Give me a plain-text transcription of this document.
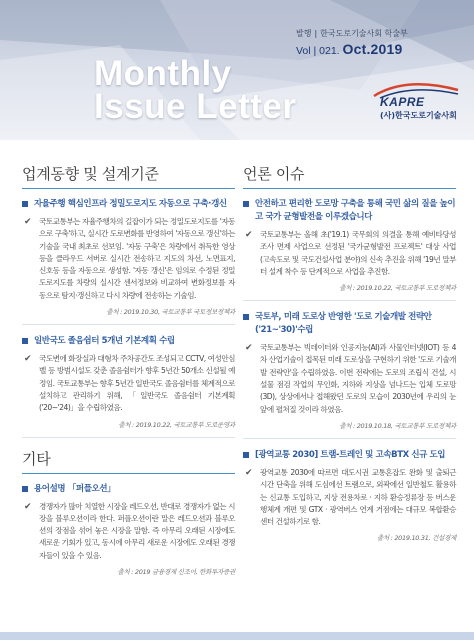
발행 | 한국도로기술사회 학술부
Vol | 021. Oct.2019
Monthly
Issue Letter	KAPRE
(사)한국도로기술사회
업계동향 및 설계기준
자율주행 핵심인프라 정밀도로지도 자동으로 구축·갱신
✔ 국토교통부는 자율주행차의 길잡이가 되는 정밀도로지도를 '자동으로 구축'하고, 실시간 도로변화를 반영하여 '자동으로 갱신'하는 기술을 국내 최초로 선보임. '자동 구축'은 차량에서 취득한 영상 등을 클라우드 서버로 실시간 전송하고 지도의 차선, 노면표지, 신호등 등을 자동으로 생성함. '자동 갱신'은 임의로 수정된 정밀도로지도를 차량의 실시간 센서정보와 비교하여 변화정보를 자동으로 탐지·갱신하고 다시 차량에 전송하는 기술임.
출처 : 2019.10.30, 국토교통부 국토정보정책과
일반국도 졸음쉼터 5개년 기본계획 수립
✔ 국도변에 화장실과 대형차 주차공간도 조성되고 CCTV, 여성안심벨 등 방범시설도 갖춘 졸음쉼터가 향후 5년간 50개소 신설될 예정임. 국토교통부는 향후 5년간 일반국도 졸음쉼터를 체계적으로 설치하고 관리하기 위해, 「일반국도 졸음쉼터 기본계획('20~'24)」을 수립하였음.
출처 : 2019.10.22, 국토교통부 도로운영과
기타
용어설명 「퍼플오션」
✔ 경쟁자가 많아 치열한 시장을 레드오션, 반대로 경쟁자가 없는 시장을 블루오션이라 한다. 퍼플오션이란 말은 레드오션과 블루오션의 장점을 섞어 놓은 시장을 말함. 즉 아무리 오래된 시장에도 새로운 기회가 있고, 동시에 아무리 새로운 시장에도 오래된 경쟁자들이 있을 수 있음.
출처 : 2019 금융경제 신조어, 한화투자증권
언론 이슈
안전하고 편리한 도로망 구축을 통해 국민 삶의 질을 높이고 국가 균형발전을 이루겠습니다
✔ 국토교통부는 올해 초('19.1) 국무회의 의결을 통해 예비타당성조사 면제 사업으로 선정된 '국가균형발전 프로젝트' 대상 사업(고속도로 및 국도건설사업 분야)의 신속 추진을 위해 '19년 말부터 설계 착수 등 단계적으로 사업을 추진함.
출처 : 2019.10.22, 국토교통부 도로정책과
국토부, 미래 도로상 반영한 '도로 기술개발 전략안('21~'30)'수립
✔ 국토교통부는 빅데이터와 인공지능(AI)과 사물인터넷(IOT) 등 4차 산업기술이 접목된 미래 도로상을 구현하기 위한 '도로 기술개발 전략안'을 수립하였음. 이번 전략에는 도로의 조립식 건설, 시설물 점검 작업의 무인화, 지하와 지상을 넘나드는 입체 도로망(3D), 상상에서나 접해왔던 도로의 모습이 2030년에 우리의 눈 앞에 펼쳐질 것이라 하였음.
출처 : 2019.10.18, 국토교통부 도로정책과
[광역교통 2030] 트램-트레인 및 고속BTX 신규 도입
✔ 광역교통 2030에 따르면 대도시권 교통혼잡도 완화 및 출퇴근 시간 단축을 위해 도심에선 트램으로, 외곽에선 일반철도 활용하는 신교통 도입하고, 지상 전용차로 · 지하 환승정류장 등 버스운행체계 개편 및 GTX · 광역버스 연계 거점에는 대규모 복합환승센터 건설하기로 함.
출처 : 2019.10.31, 건설경제
